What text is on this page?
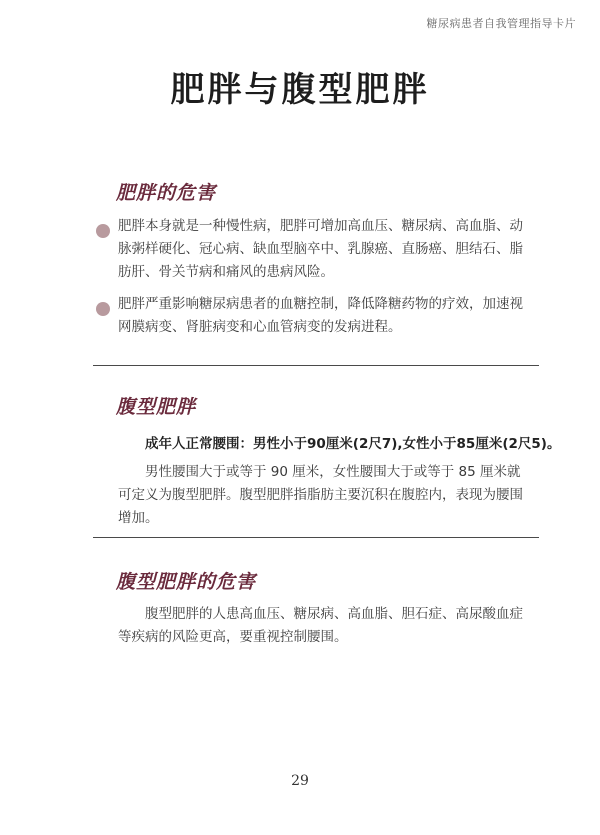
糖尿病患者自我管理指导卡片
肥胖与腹型肥胖
肥胖的危害

肥胖本身就是一种慢性病，肥胖可增加高血压、糖尿病、高血脂、动脉粥样硬化、冠心病、缺血型脑卒中、乳腺癌、直肠癌、胆结石、脂肪肝、骨关节病和痛风的患病风险。

肥胖严重影响糖尿病患者的血糖控制，降低降糖药物的疗效，加速视网膜病变、肾脏病变和心血管病变的发病进程。

腹型肥胖
成年人正常腰围：男性小于90厘米(2尺7),女性小于85厘米(2尺5)。

男性腰围大于或等于 90 厘米，女性腰围大于或等于 85 厘米就可定义为腹型肥胖。腹型肥胖指脂肪主要沉积在腹腔内，表现为腰围增加。

腹型肥胖的危害

腹型肥胖的人患高血压、糖尿病、高血脂、胆石症、高尿酸血症等疾病的风险更高，要重视控制腰围。

29
